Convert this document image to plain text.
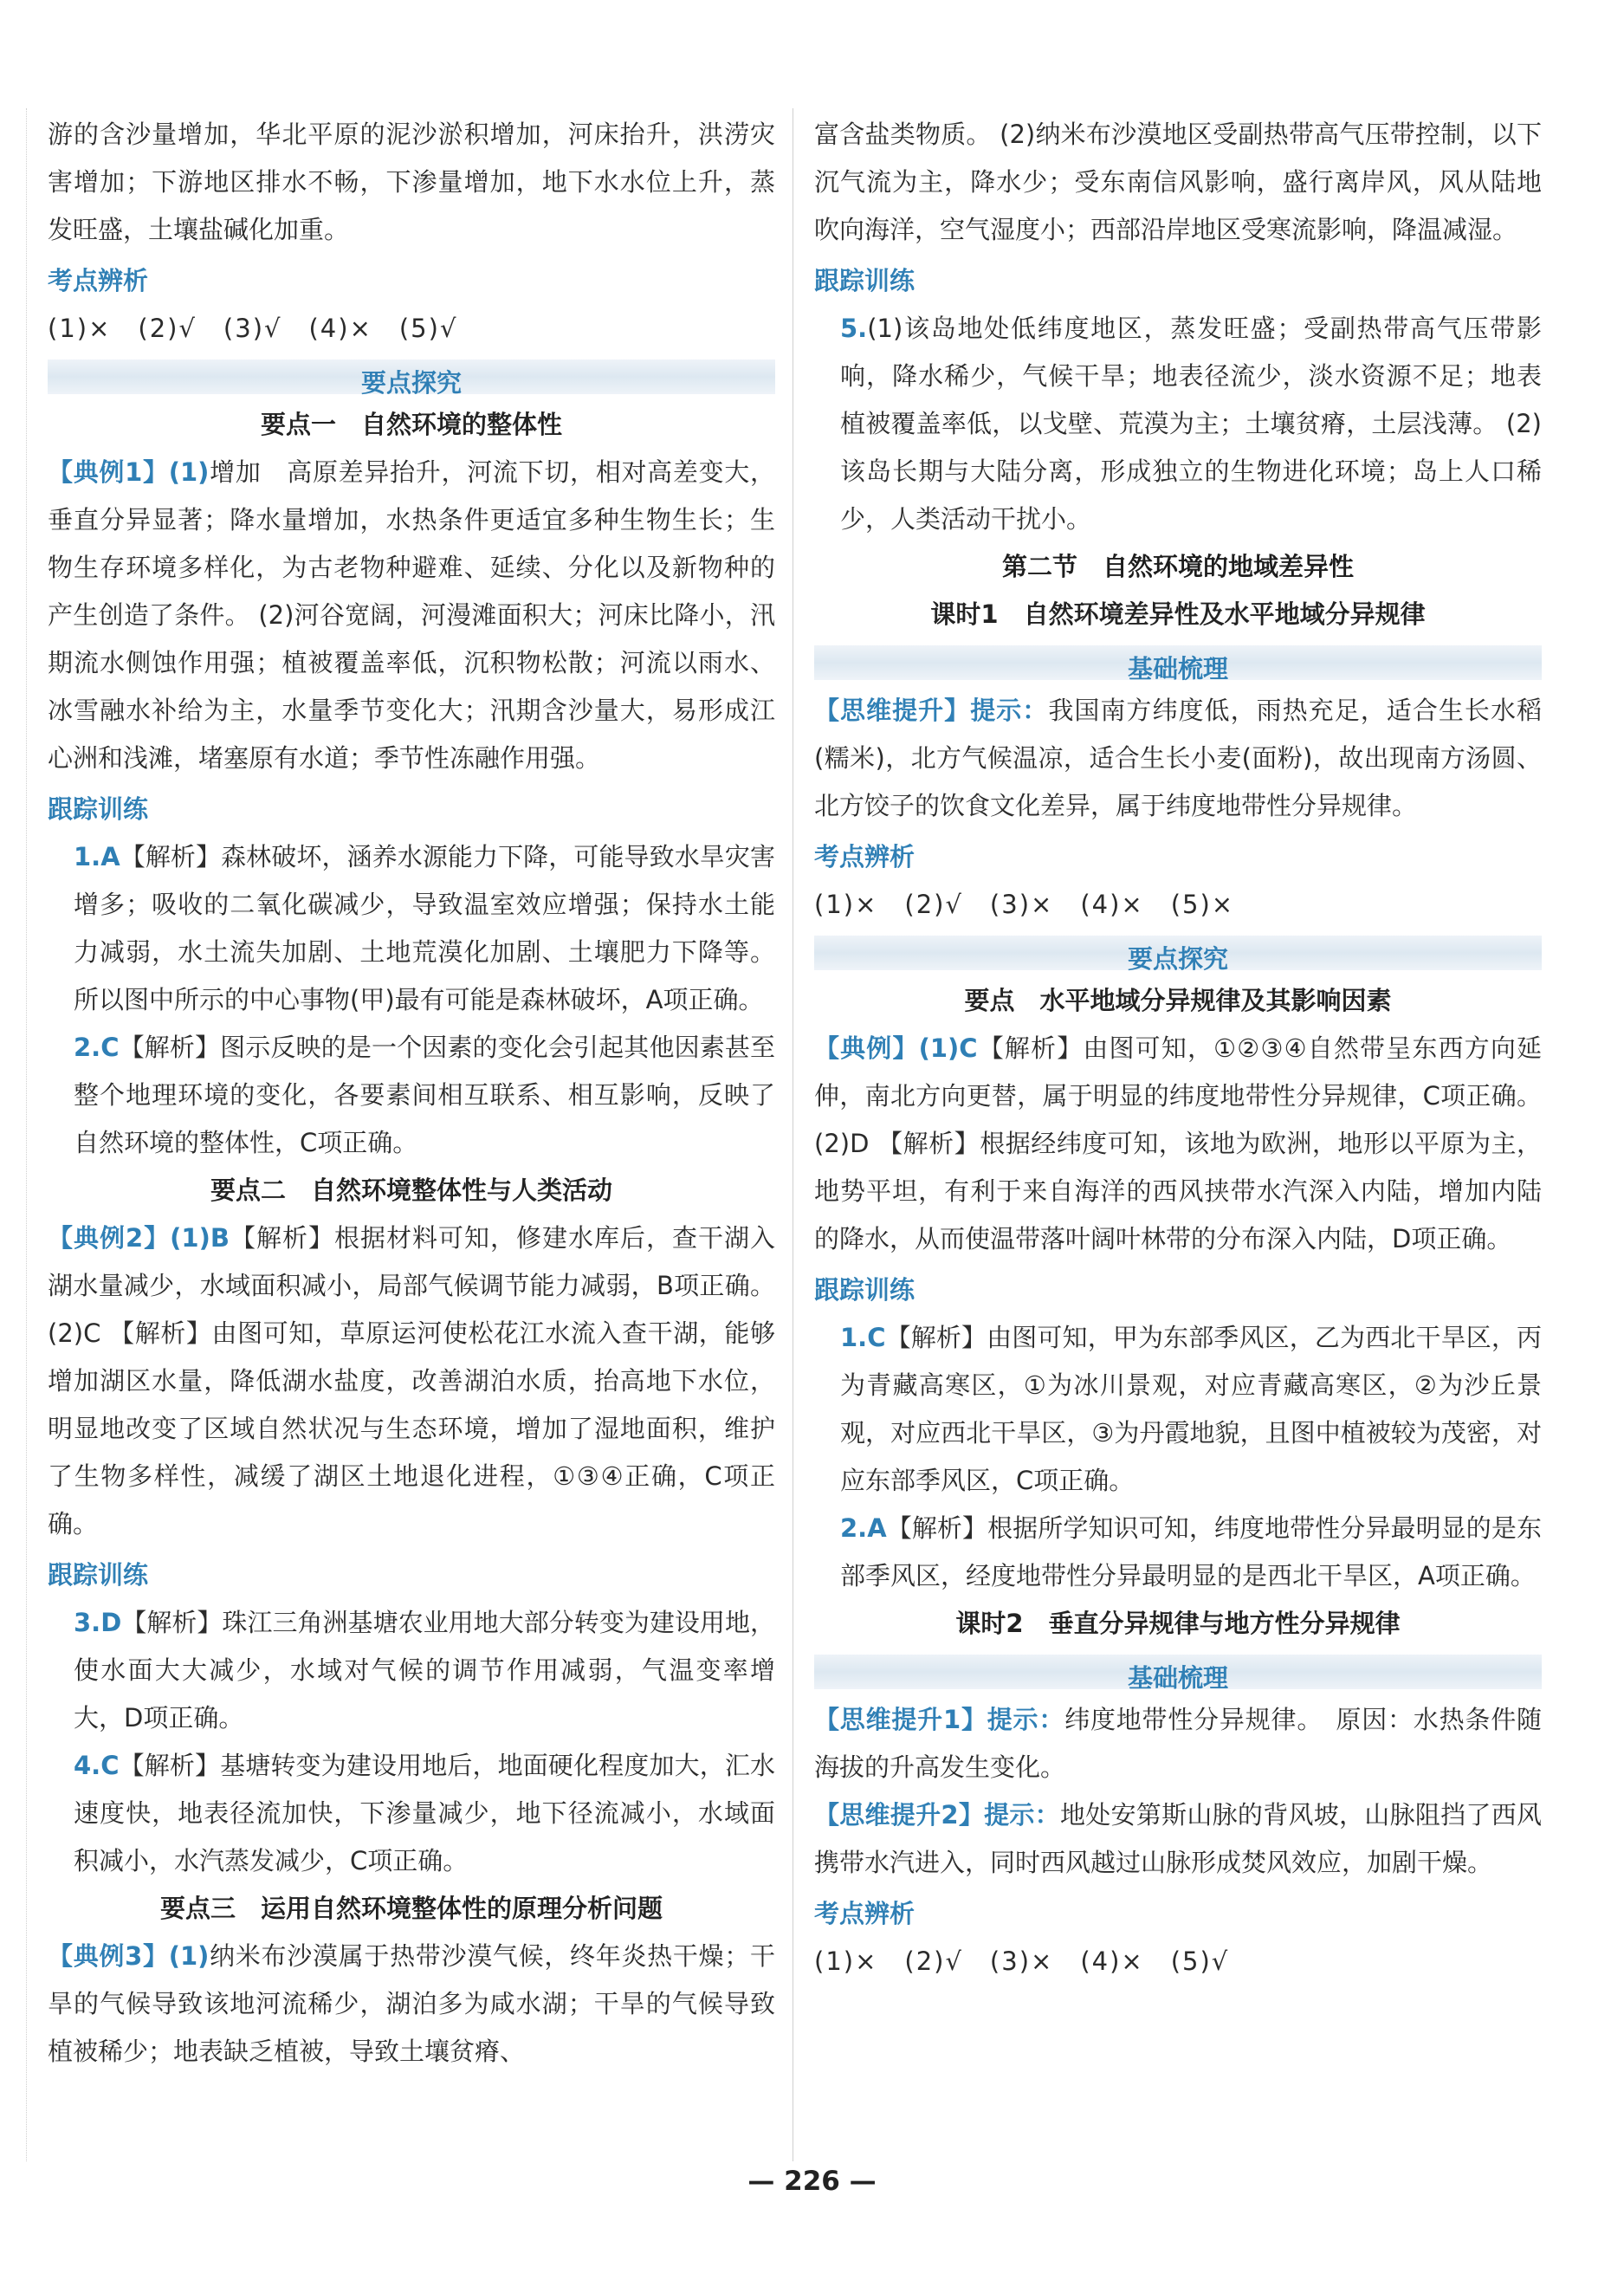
游的含沙量增加，华北平原的泥沙淤积增加，河床抬升，洪涝灾害增加；下游地区排水不畅，下渗量增加，地下水水位上升，蒸发旺盛，土壤盐碱化加重。
考点辨析
(1)×　(2)√　(3)√　(4)×　(5)√
要点探究
要点一　自然环境的整体性
【典例1】(1)增加　高原差异抬升，河流下切，相对高差变大，垂直分异显著；降水量增加，水热条件更适宜多种生物生长；生物生存环境多样化，为古老物种避难、延续、分化以及新物种的产生创造了条件。 (2)河谷宽阔，河漫滩面积大；河床比降小，汛期流水侧蚀作用强；植被覆盖率低，沉积物松散；河流以雨水、冰雪融水补给为主，水量季节变化大；汛期含沙量大，易形成江心洲和浅滩，堵塞原有水道；季节性冻融作用强。
跟踪训练
1.A【解析】森林破坏，涵养水源能力下降，可能导致水旱灾害增多；吸收的二氧化碳减少，导致温室效应增强；保持水土能力减弱，水土流失加剧、土地荒漠化加剧、土壤肥力下降等。所以图中所示的中心事物(甲)最有可能是森林破坏，A项正确。
2.C【解析】图示反映的是一个因素的变化会引起其他因素甚至整个地理环境的变化，各要素间相互联系、相互影响，反映了自然环境的整体性，C项正确。
要点二　自然环境整体性与人类活动
【典例2】(1)B【解析】根据材料可知，修建水库后，查干湖入湖水量减少，水域面积减小，局部气候调节能力减弱，B项正确。 (2)C 【解析】由图可知，草原运河使松花江水流入查干湖，能够增加湖区水量，降低湖水盐度，改善湖泊水质，抬高地下水位，明显地改变了区域自然状况与生态环境，增加了湿地面积，维护了生物多样性，减缓了湖区土地退化进程，①③④正确，C项正确。
跟踪训练
3.D【解析】珠江三角洲基塘农业用地大部分转变为建设用地，使水面大大减少，水域对气候的调节作用减弱，气温变率增大，D项正确。
4.C【解析】基塘转变为建设用地后，地面硬化程度加大，汇水速度快，地表径流加快，下渗量减少，地下径流减小，水域面积减小，水汽蒸发减少，C项正确。
要点三　运用自然环境整体性的原理分析问题
【典例3】(1)纳米布沙漠属于热带沙漠气候，终年炎热干燥；干旱的气候导致该地河流稀少，湖泊多为咸水湖；干旱的气候导致植被稀少；地表缺乏植被，导致土壤贫瘠、
富含盐类物质。 (2)纳米布沙漠地区受副热带高气压带控制，以下沉气流为主，降水少；受东南信风影响，盛行离岸风，风从陆地吹向海洋，空气湿度小；西部沿岸地区受寒流影响，降温减湿。
跟踪训练
5.(1)该岛地处低纬度地区，蒸发旺盛；受副热带高气压带影响，降水稀少，气候干旱；地表径流少，淡水资源不足；地表植被覆盖率低，以戈壁、荒漠为主；土壤贫瘠，土层浅薄。 (2)该岛长期与大陆分离，形成独立的生物进化环境；岛上人口稀少，人类活动干扰小。
第二节　自然环境的地域差异性
课时1　自然环境差异性及水平地域分异规律
基础梳理
【思维提升】提示：我国南方纬度低，雨热充足，适合生长水稻(糯米)，北方气候温凉，适合生长小麦(面粉)，故出现南方汤圆、北方饺子的饮食文化差异，属于纬度地带性分异规律。
考点辨析
(1)×　(2)√　(3)×　(4)×　(5)×
要点探究
要点　水平地域分异规律及其影响因素
【典例】(1)C【解析】由图可知，①②③④自然带呈东西方向延伸，南北方向更替，属于明显的纬度地带性分异规律，C项正确。 (2)D 【解析】根据经纬度可知，该地为欧洲，地形以平原为主，地势平坦，有利于来自海洋的西风挟带水汽深入内陆，增加内陆的降水，从而使温带落叶阔叶林带的分布深入内陆，D项正确。
跟踪训练
1.C【解析】由图可知，甲为东部季风区，乙为西北干旱区，丙为青藏高寒区，①为冰川景观，对应青藏高寒区，②为沙丘景观，对应西北干旱区，③为丹霞地貌，且图中植被较为茂密，对应东部季风区，C项正确。
2.A【解析】根据所学知识可知，纬度地带性分异最明显的是东部季风区，经度地带性分异最明显的是西北干旱区，A项正确。
课时2　垂直分异规律与地方性分异规律
基础梳理
【思维提升1】提示：纬度地带性分异规律。　原因：水热条件随海拔的升高发生变化。
【思维提升2】提示：地处安第斯山脉的背风坡，山脉阻挡了西风携带水汽进入，同时西风越过山脉形成焚风效应，加剧干燥。
考点辨析
(1)×　(2)√　(3)×　(4)×　(5)√
— 226 —
